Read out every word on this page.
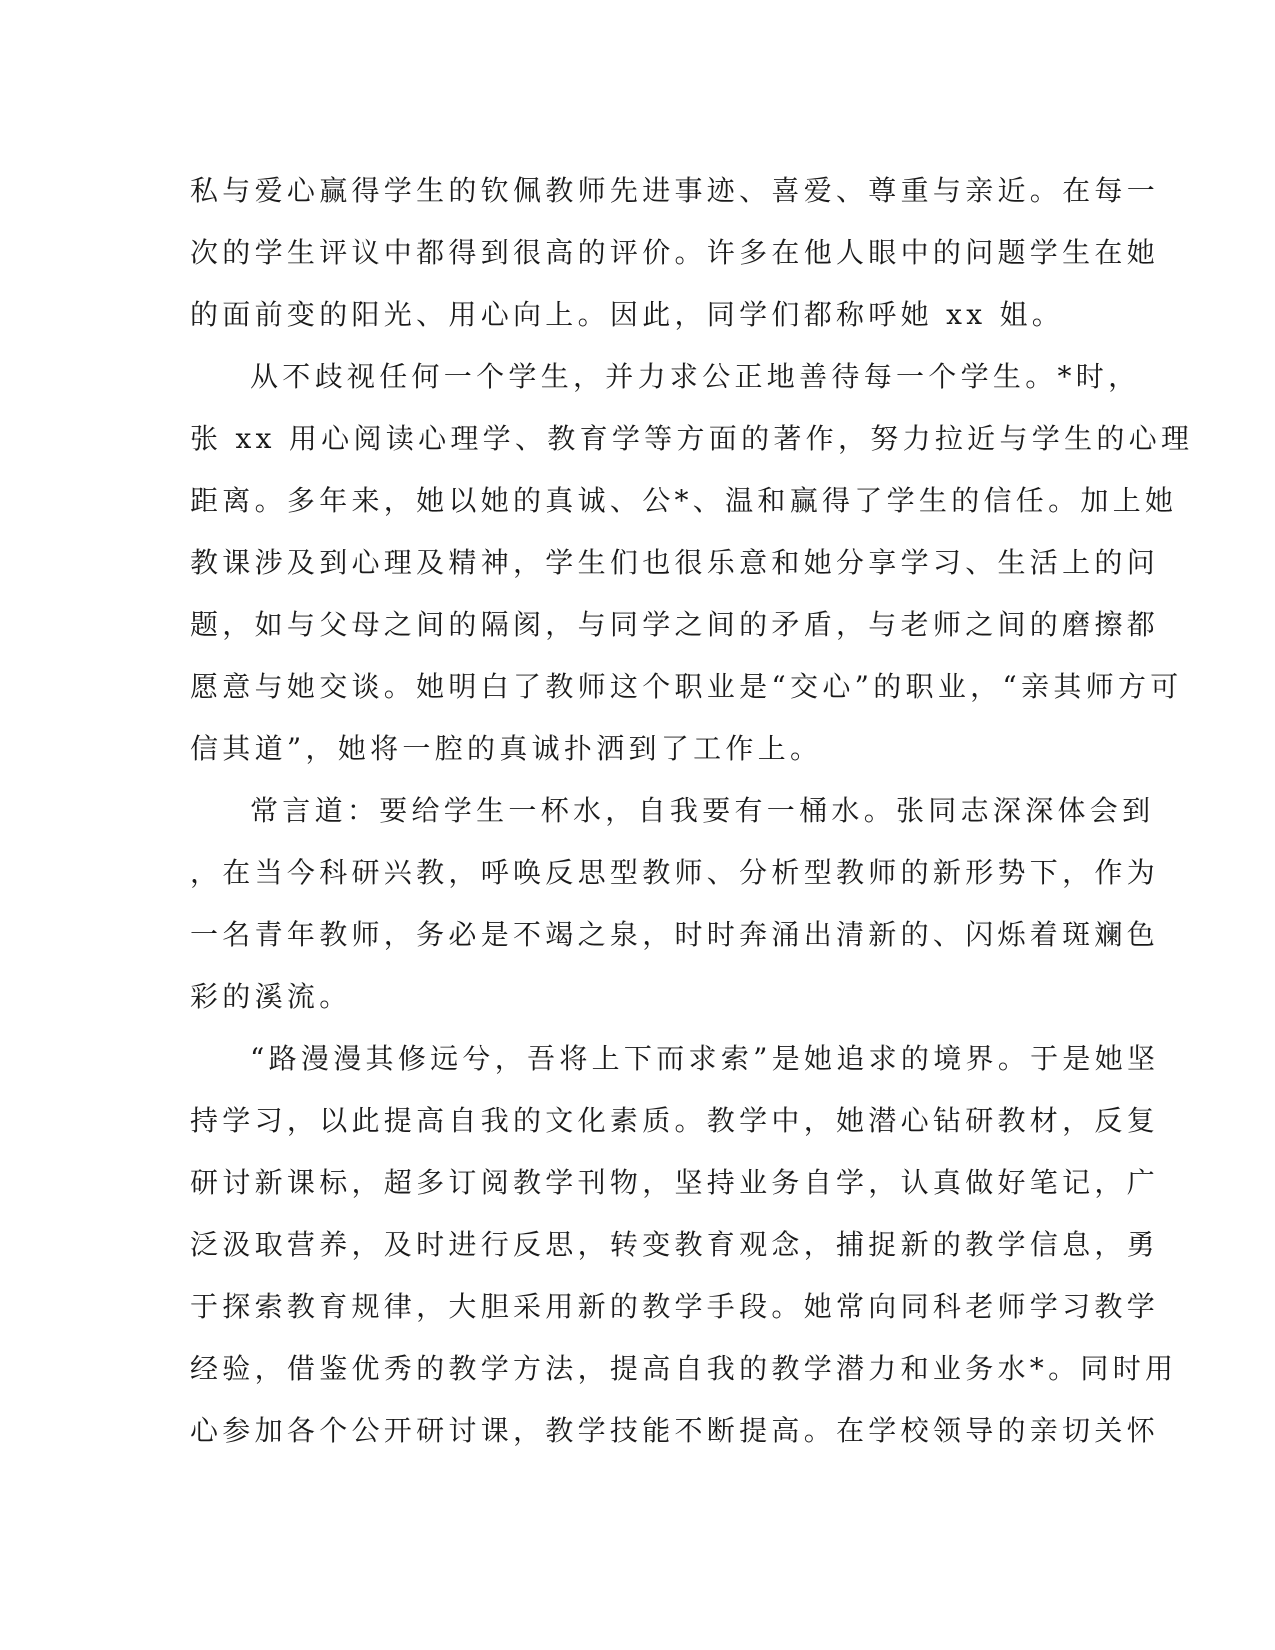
私与爱心赢得学生的钦佩教师先进事迹、喜爱、尊重与亲近。在每一
次的学生评议中都得到很高的评价。许多在他人眼中的问题学生在她
的面前变的阳光、用心向上。因此，同学们都称呼她 xx 姐。
从不歧视任何一个学生，并力求公正地善待每一个学生。*时，
张 xx 用心阅读心理学、教育学等方面的著作，努力拉近与学生的心理
距离。多年来，她以她的真诚、公*、温和赢得了学生的信任。加上她
教课涉及到心理及精神，学生们也很乐意和她分享学习、生活上的问
题，如与父母之间的隔阂，与同学之间的矛盾，与老师之间的磨擦都
愿意与她交谈。她明白了教师这个职业是“交心”的职业，“亲其师方可
信其道”，她将一腔的真诚扑洒到了工作上。
常言道：要给学生一杯水，自我要有一桶水。张同志深深体会到
，在当今科研兴教，呼唤反思型教师、分析型教师的新形势下，作为
一名青年教师，务必是不竭之泉，时时奔涌出清新的、闪烁着斑斓色
彩的溪流。
“路漫漫其修远兮，吾将上下而求索”是她追求的境界。于是她坚
持学习，以此提高自我的文化素质。教学中，她潜心钻研教材，反复
研讨新课标，超多订阅教学刊物，坚持业务自学，认真做好笔记，广
泛汲取营养，及时进行反思，转变教育观念，捕捉新的教学信息，勇
于探索教育规律，大胆采用新的教学手段。她常向同科老师学习教学
经验，借鉴优秀的教学方法，提高自我的教学潜力和业务水*。同时用
心参加各个公开研讨课，教学技能不断提高。在学校领导的亲切关怀
